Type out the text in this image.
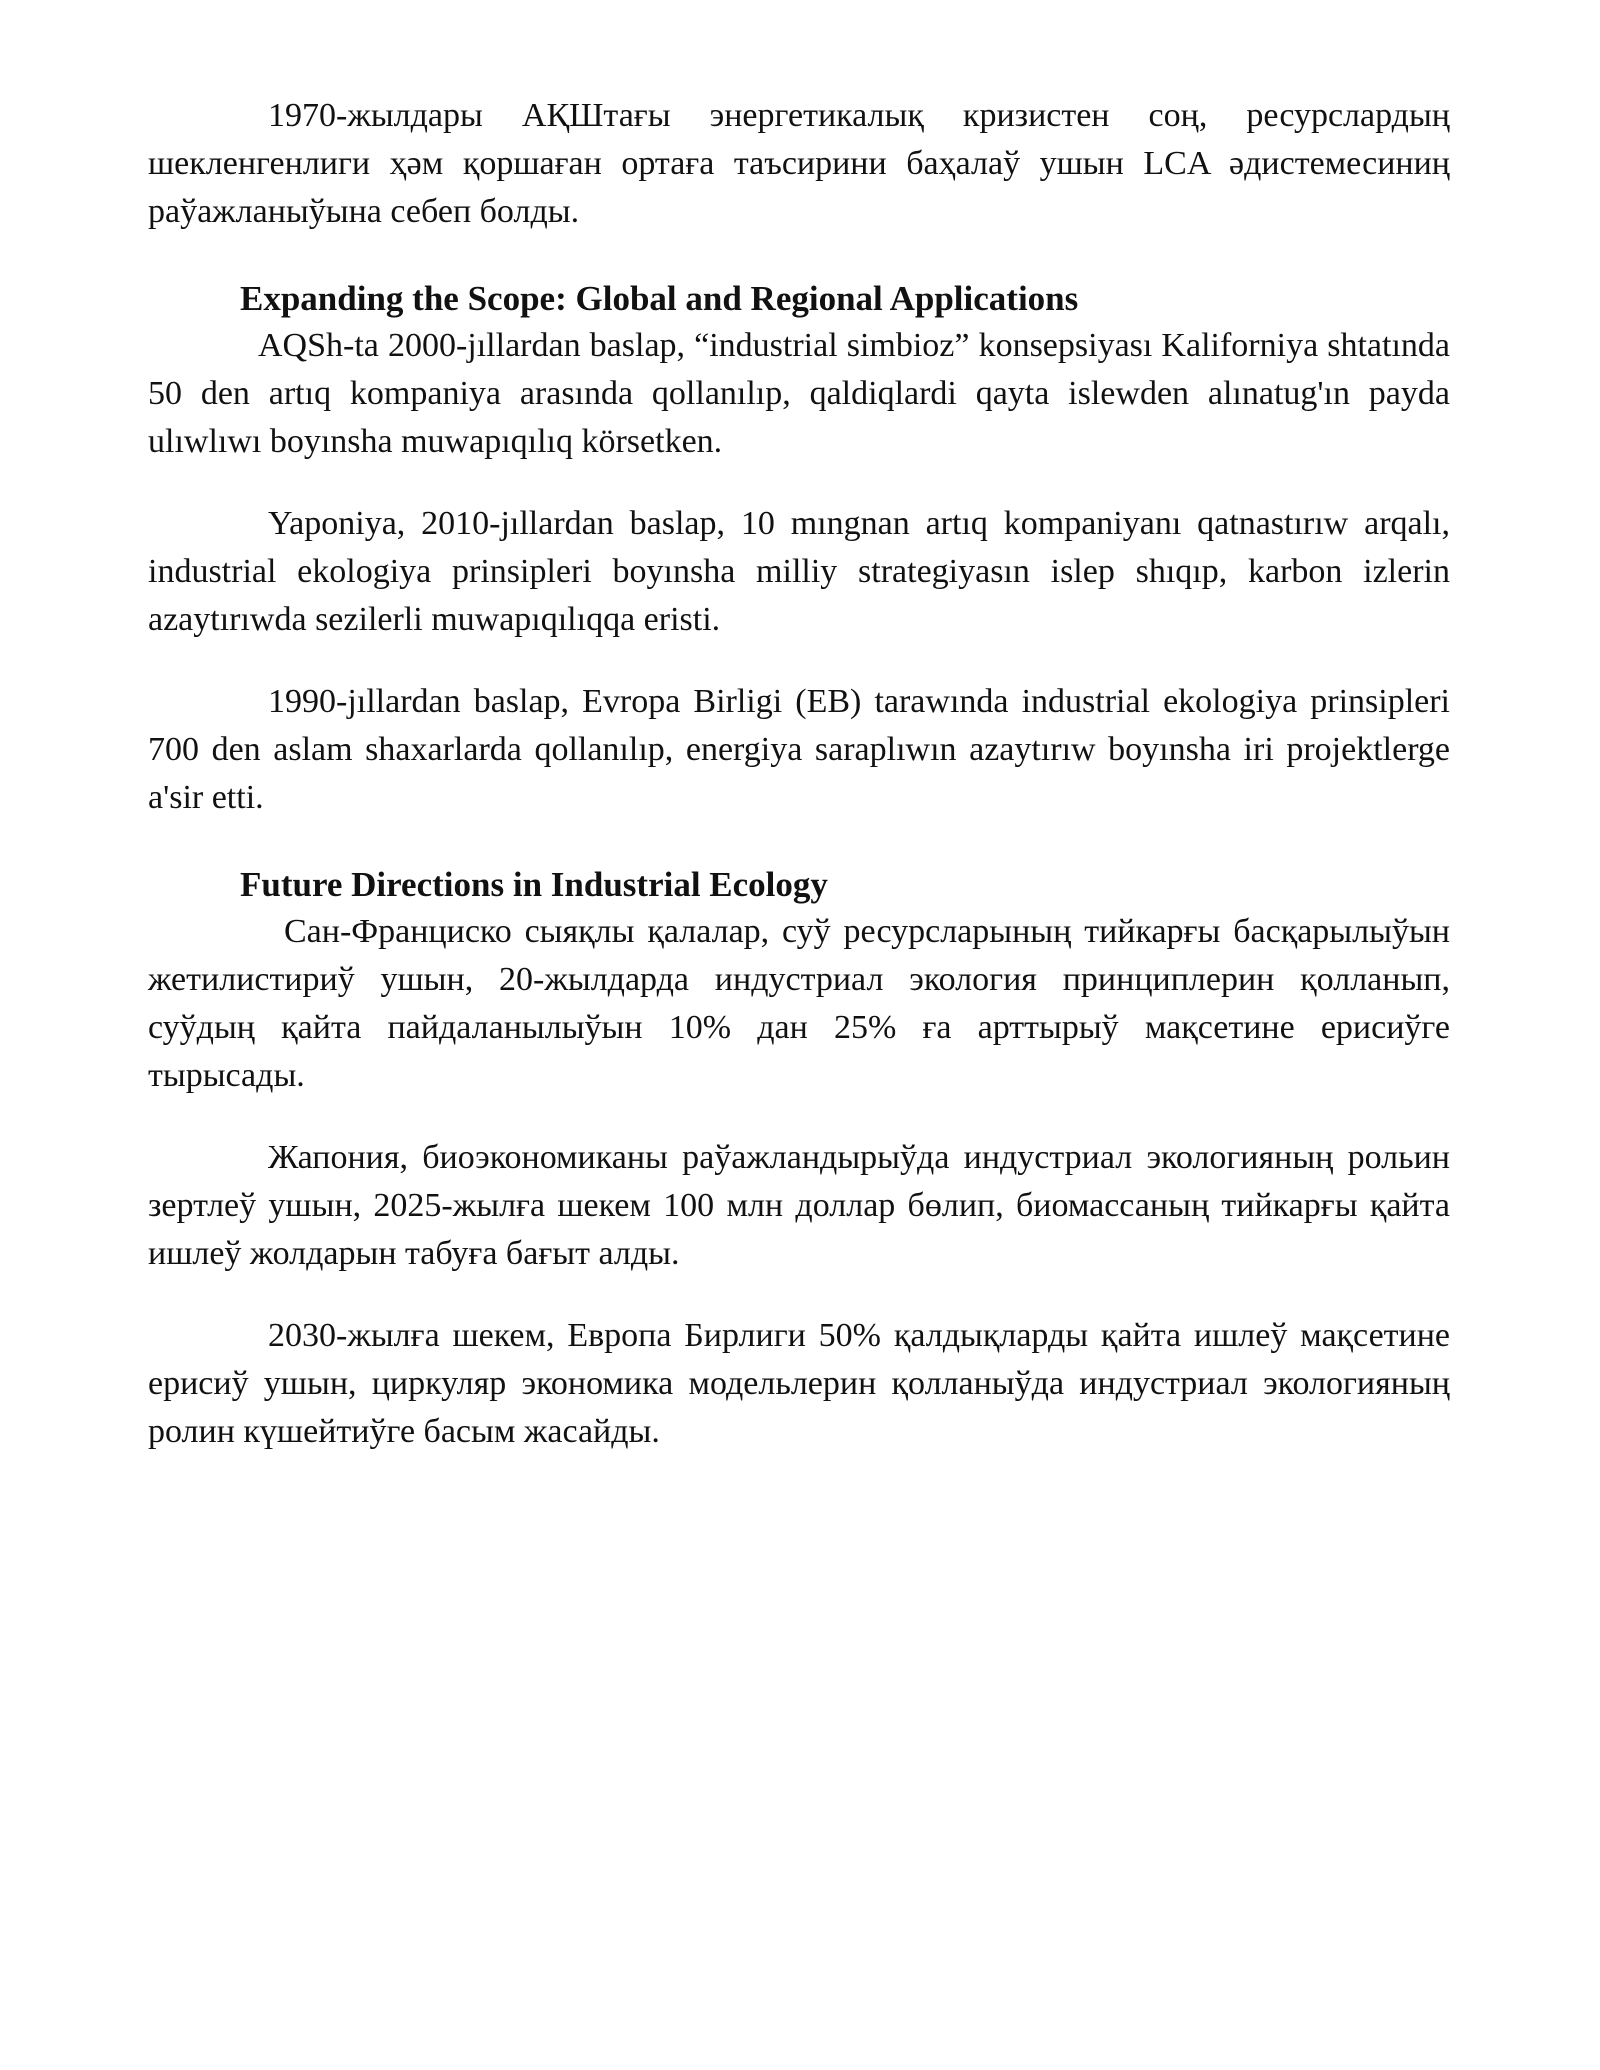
1970-жылдары АҚШтағы энергетикалық кризистен соң, ресурслардың шекленгенлиги ҳәм қоршаған ортаға таъсирини баҳалаў ушын LCA әдистемесиниң раўажланыўына себеп болды.

Expanding the Scope: Global and Regional Applications

AQSh-ta 2000-jıllardan baslap, “industrial simbioz” konsepsiyası Kaliforniya shtatında 50 den artıq kompaniya arasında qollanılıp, qaldiqlardi qayta islewden alınatug'ın payda ulıwlıwı boyınsha muwapıqılıq körsetken.

Yaponiya, 2010-jıllardan baslap, 10 mıngnan artıq kompaniyanı qatnastırıw arqalı, industrial ekologiya prinsipleri boyınsha milliy strategiyasın islep shıqıp, karbon izlerin azaytırıwda sezilerli muwapıqılıqqa eristi.

1990-jıllardan baslap, Evropa Birligi (EB) tarawında industrial ekologiya prinsipleri 700 den aslam shaxarlarda qollanılıp, energiya saraplıwın azaytırıw boyınsha iri projektlerge a'sir etti.

Future Directions in Industrial Ecology

Сан-Франциско сыяқлы қалалар, суў ресурсларының тийкарғы басқарылыўын жетилистириў ушын, 20-жылдарда индустриал экология принциплерин қолланып, суўдың қайта пайдаланылыўын 10% дан 25% ға арттырыў мақсетине ерисиўге тырысады.

Жапония, биоэкономиканы раўажландырыўда индустриал экологияның рольин зертлеў ушын, 2025-жылға шекем 100 млн доллар бөлип, биомассаның тийкарғы қайта ишлеў жолдарын табуға бағыт алды.

2030-жылға шекем, Европа Бирлиги 50% қалдықларды қайта ишлеў мақсетине ерисиў ушын, циркуляр экономика модельлерин қолланыўда индустриал экологияның ролин күшейтиўге басым жасайды.
